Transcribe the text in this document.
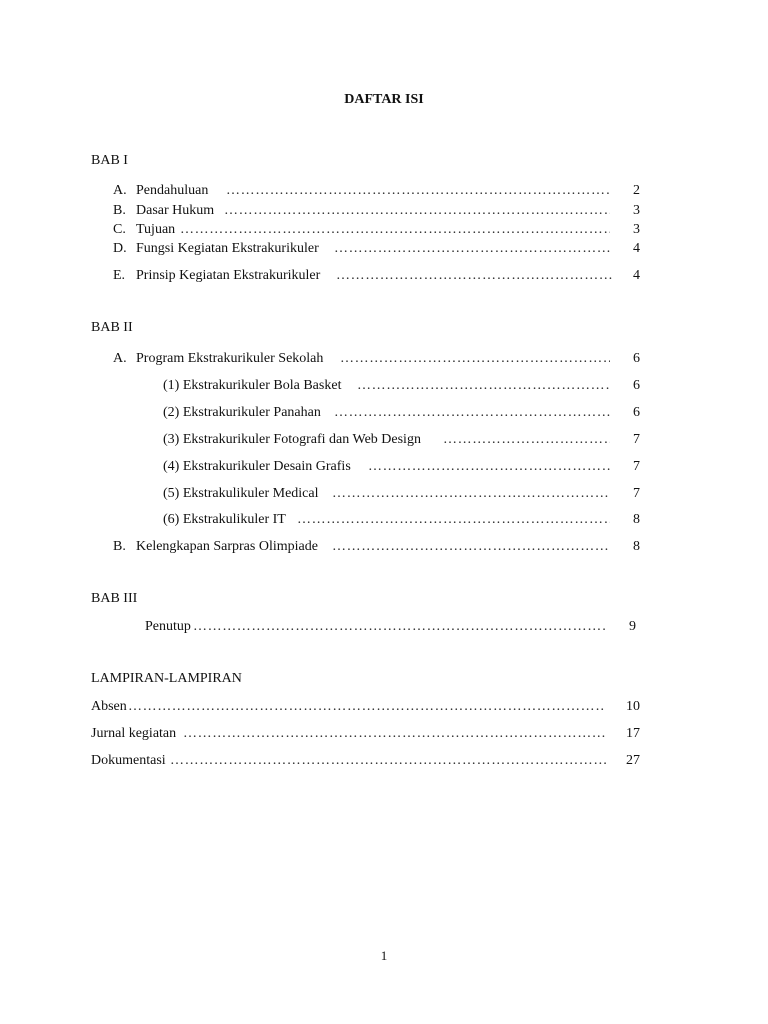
DAFTAR ISI
BAB I
A. Pendahuluan ………………………………………………………………………………………………………………………………………………………………………………………………………………………………………………	2
B. Dasar Hukum ………………………………………………………………………………………………………………………………………………………………………………………………………………………………………………	3
C. Tujuan ………………………………………………………………………………………………………………………………………………………………………………………………………………………………………………	3
D. Fungsi Kegiatan Ekstrakurikuler ………………………………………………………………………………………………………………………………………………………………………………………………………………………………………………	4
E. Prinsip Kegiatan Ekstrakurikuler ………………………………………………………………………………………………………………………………………………………………………………………………………………………………………………	4
BAB II
A. Program Ekstrakurikuler Sekolah ………………………………………………………………………………………………………………………………………………………………………………………………………………………………………………	6
(1) Ekstrakurikuler Bola Basket ………………………………………………………………………………………………………………………………………………………………………………………………………………………………………………	6
(2) Ekstrakurikuler Panahan ………………………………………………………………………………………………………………………………………………………………………………………………………………………………………………	6
(3) Ekstrakurikuler Fotografi dan Web Design ………………………………………………………………………………………………………………………………………………………………………………………………………………………………………………	7
(4) Ekstrakurikuler Desain Grafis ………………………………………………………………………………………………………………………………………………………………………………………………………………………………………………	7
(5) Ekstrakulikuler Medical ………………………………………………………………………………………………………………………………………………………………………………………………………………………………………………	7
(6) Ekstrakulikuler IT ………………………………………………………………………………………………………………………………………………………………………………………………………………………………………………	8
B. Kelengkapan Sarpras Olimpiade ………………………………………………………………………………………………………………………………………………………………………………………………………………………………………………	8
BAB III
Penutup ………………………………………………………………………………………………………………………………………………………………………………………………………………………………………………	9
LAMPIRAN-LAMPIRAN
Absen ………………………………………………………………………………………………………………………………………………………………………………………………………………………………………………	10
Jurnal kegiatan ………………………………………………………………………………………………………………………………………………………………………………………………………………………………………………	17
Dokumentasi ………………………………………………………………………………………………………………………………………………………………………………………………………………………………………………	27
1
